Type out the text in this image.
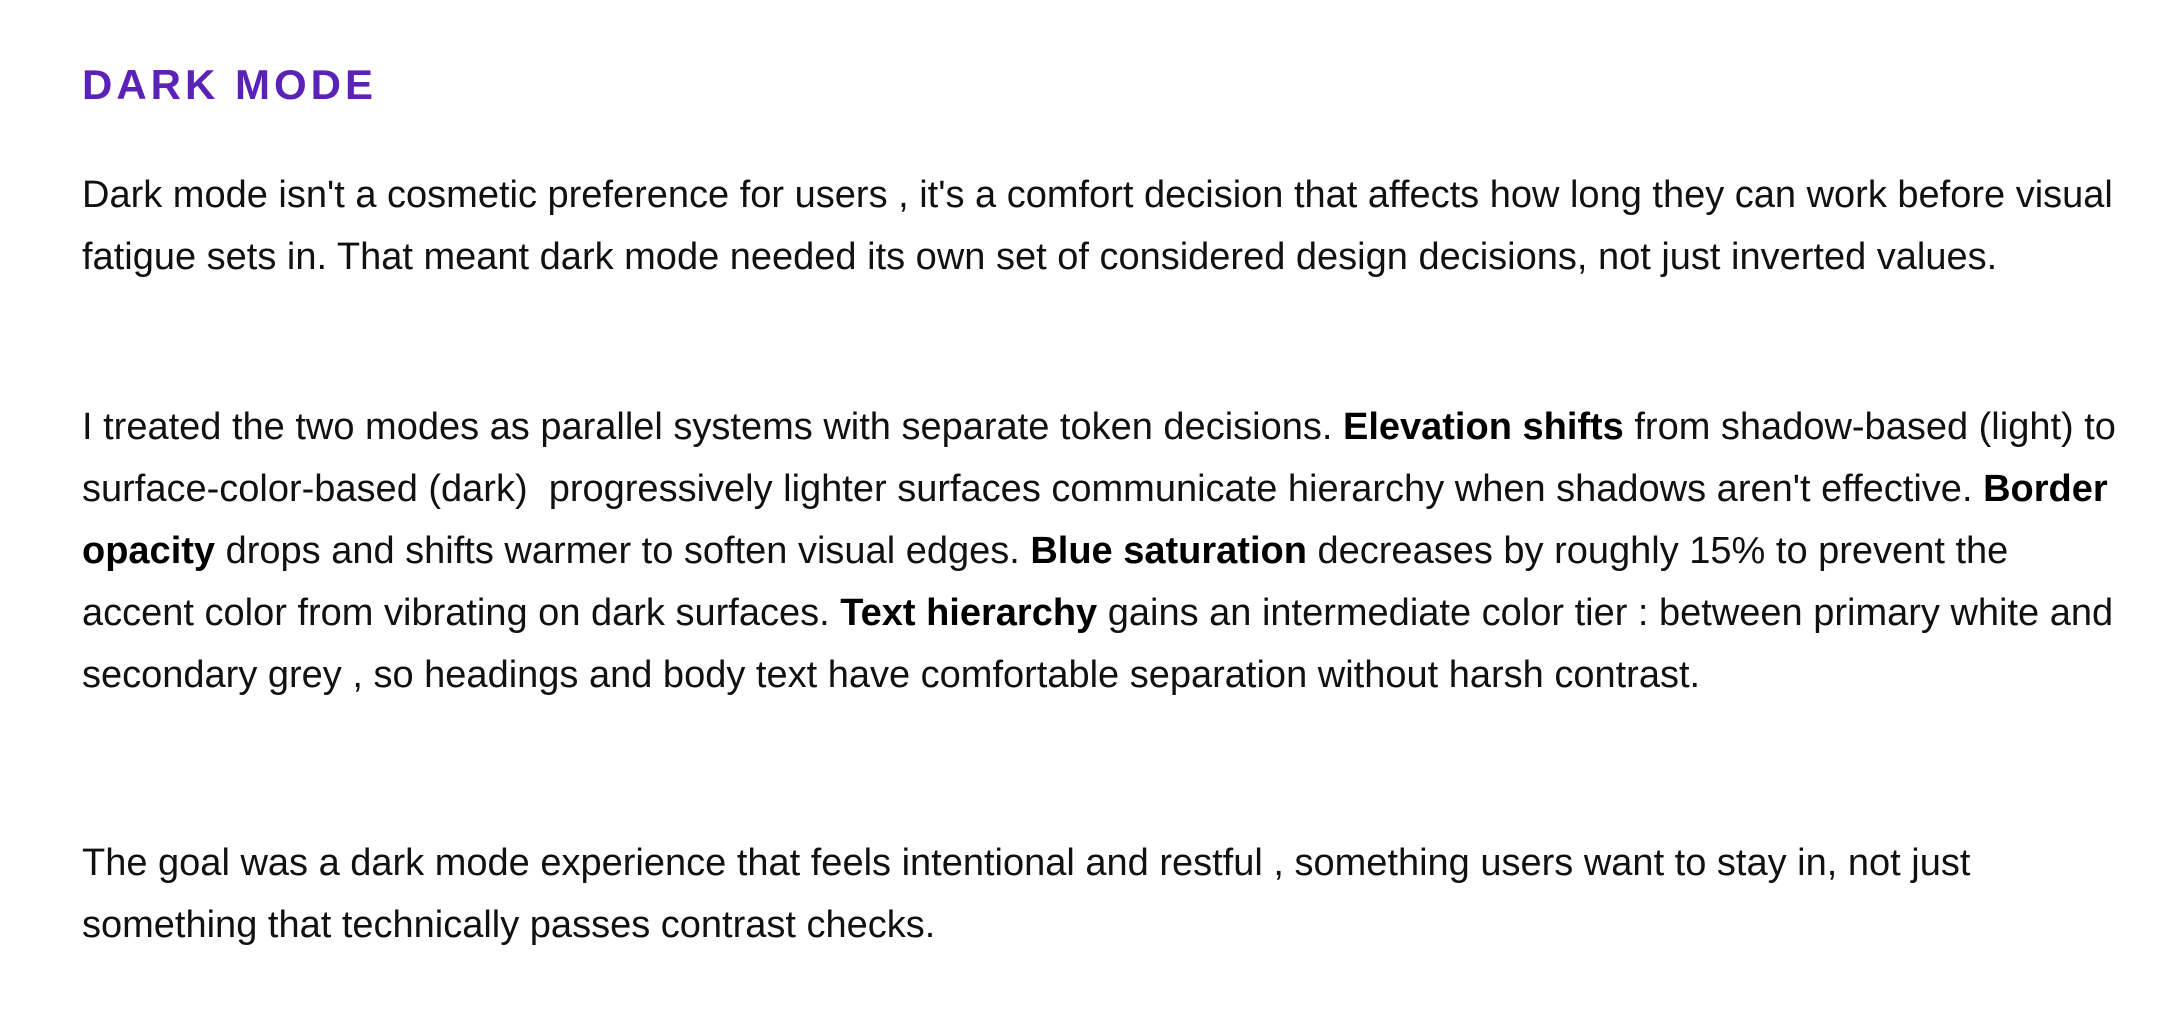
DARK MODE

Dark mode isn't a cosmetic preference for users , it's a comfort decision that affects how long they can work before visual fatigue sets in. That meant dark mode needed its own set of considered design decisions, not just inverted values.

I treated the two modes as parallel systems with separate token decisions. Elevation shifts from shadow-based (light) to surface-color-based (dark)  progressively lighter surfaces communicate hierarchy when shadows aren't effective. Border opacity drops and shifts warmer to soften visual edges. Blue saturation decreases by roughly 15% to prevent the accent color from vibrating on dark surfaces. Text hierarchy gains an intermediate color tier : between primary white and secondary grey , so headings and body text have comfortable separation without harsh contrast.

The goal was a dark mode experience that feels intentional and restful , something users want to stay in, not just something that technically passes contrast checks.
